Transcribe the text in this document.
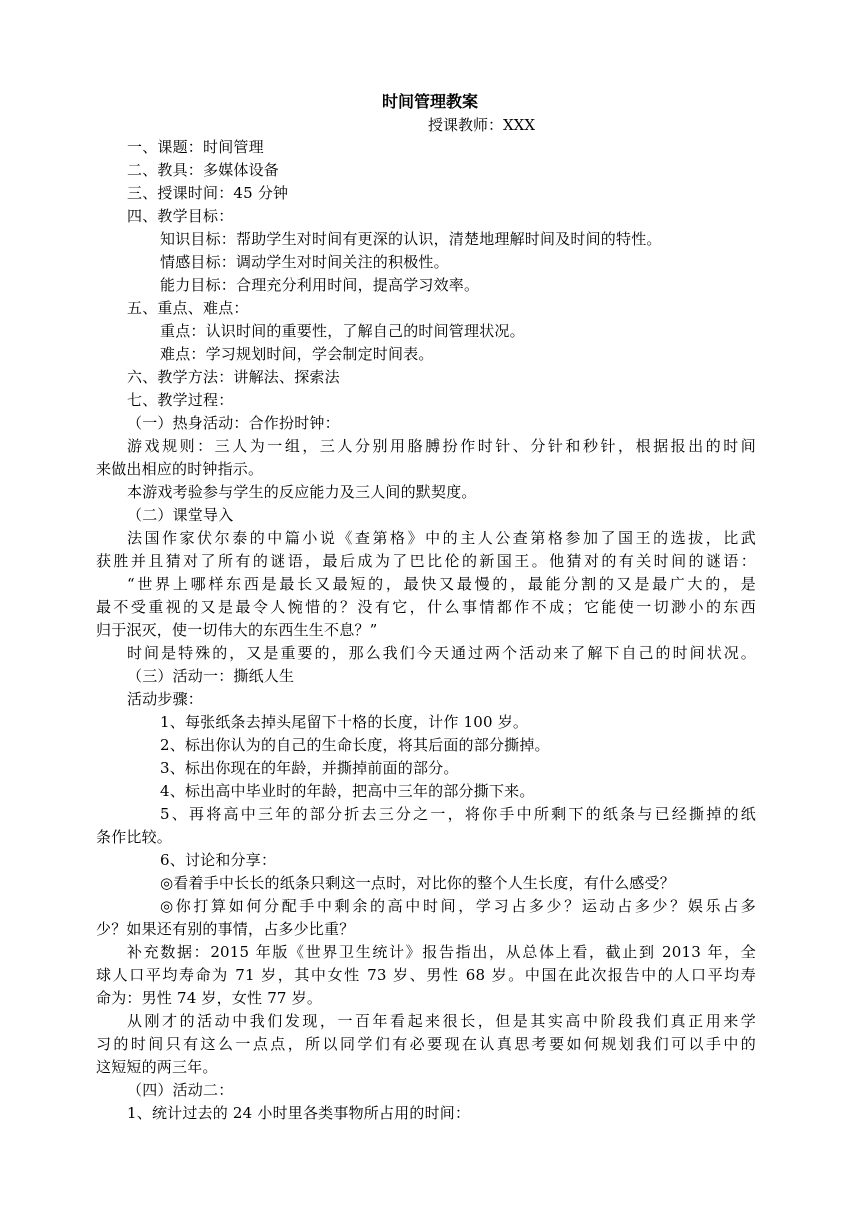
时间管理教案
授课教师：XXX
一、课题：时间管理
二、教具：多媒体设备
三、授课时间：45 分钟
四、教学目标：
知识目标：帮助学生对时间有更深的认识，清楚地理解时间及时间的特性。
情感目标：调动学生对时间关注的积极性。
能力目标：合理充分利用时间，提高学习效率。
五、重点、难点：
重点：认识时间的重要性，了解自己的时间管理状况。
难点：学习规划时间，学会制定时间表。
六、教学方法：讲解法、探索法
七、教学过程：
（一）热身活动：合作扮时钟：
游戏规则：三人为一组，三人分别用胳膊扮作时针、分针和秒针，根据报出的时间
来做出相应的时钟指示。
本游戏考验参与学生的反应能力及三人间的默契度。
（二）课堂导入
法国作家伏尔泰的中篇小说《查第格》中的主人公查第格参加了国王的选拔，比武
获胜并且猜对了所有的谜语，最后成为了巴比伦的新国王。他猜对的有关时间的谜语：
“世界上哪样东西是最长又最短的，最快又最慢的，最能分割的又是最广大的，是
最不受重视的又是最令人惋惜的？没有它，什么事情都作不成；它能使一切渺小的东西
归于泯灭，使一切伟大的东西生生不息？”
时间是特殊的，又是重要的，那么我们今天通过两个活动来了解下自己的时间状况。
（三）活动一：撕纸人生
活动步骤：
1、每张纸条去掉头尾留下十格的长度，计作 100 岁。
2、标出你认为的自己的生命长度，将其后面的部分撕掉。
3、标出你现在的年龄，并撕掉前面的部分。
4、标出高中毕业时的年龄，把高中三年的部分撕下来。
5、再将高中三年的部分折去三分之一，将你手中所剩下的纸条与已经撕掉的纸
条作比较。
6、讨论和分享：
◎看着手中长长的纸条只剩这一点时，对比你的整个人生长度，有什么感受？
◎你打算如何分配手中剩余的高中时间，学习占多少？运动占多少？娱乐占多
少？如果还有别的事情，占多少比重？
补充数据：2015 年版《世界卫生统计》报告指出，从总体上看，截止到 2013 年，全
球人口平均寿命为 71 岁，其中女性 73 岁、男性 68 岁。中国在此次报告中的人口平均寿
命为：男性 74 岁，女性 77 岁。
从刚才的活动中我们发现，一百年看起来很长，但是其实高中阶段我们真正用来学
习的时间只有这么一点点，所以同学们有必要现在认真思考要如何规划我们可以手中的
这短短的两三年。
（四）活动二：
1、统计过去的 24 小时里各类事物所占用的时间：
